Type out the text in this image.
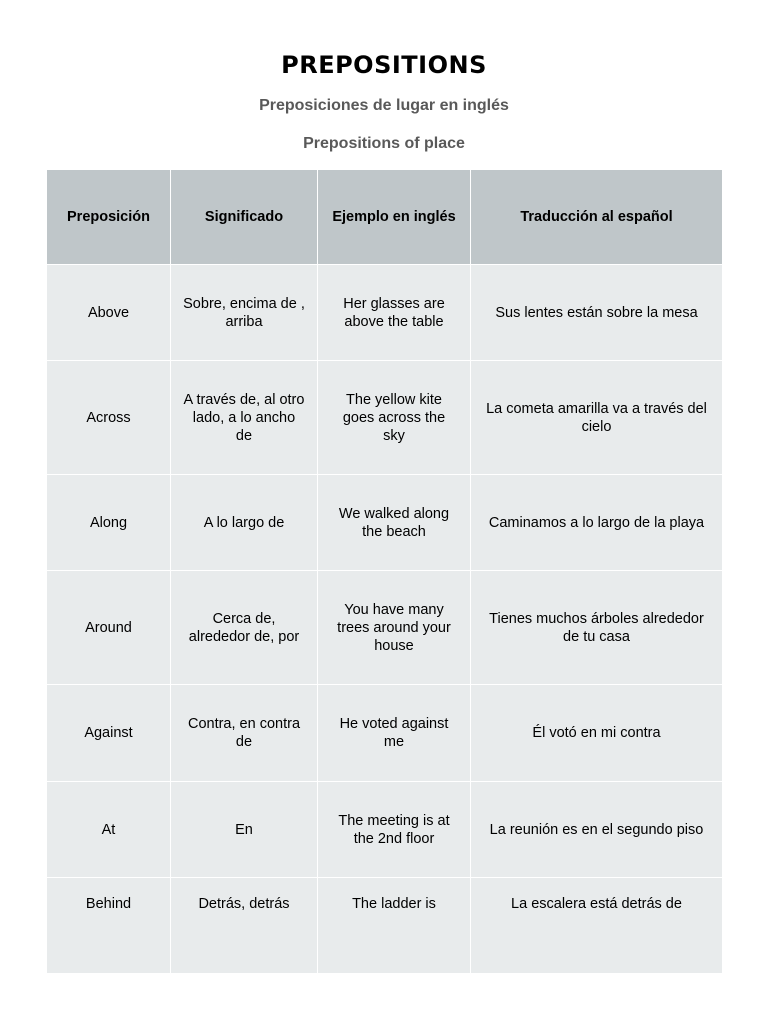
PREPOSITIONS
Preposiciones de lugar en inglés
Prepositions of place
Preposición	Significado	Ejemplo en inglés	Traducción al español
Above	Sobre, encima de , arriba	Her glasses are above the table	Sus lentes están sobre la mesa
Across	A través de, al otro lado, a lo ancho de	The yellow kite goes across the sky	La cometa amarilla va a través del cielo
Along	A lo largo de	We walked along the beach	Caminamos a lo largo de la playa
Around	Cerca de, alrededor de, por	You have many trees around your house	Tienes muchos árboles alrededor de tu casa
Against	Contra, en contra de	He voted against me	Él votó en mi contra
At	En	The meeting is at the 2nd floor	La reunión es en el segundo piso
Behind	Detrás, detrás	The ladder is	La escalera está detrás de
